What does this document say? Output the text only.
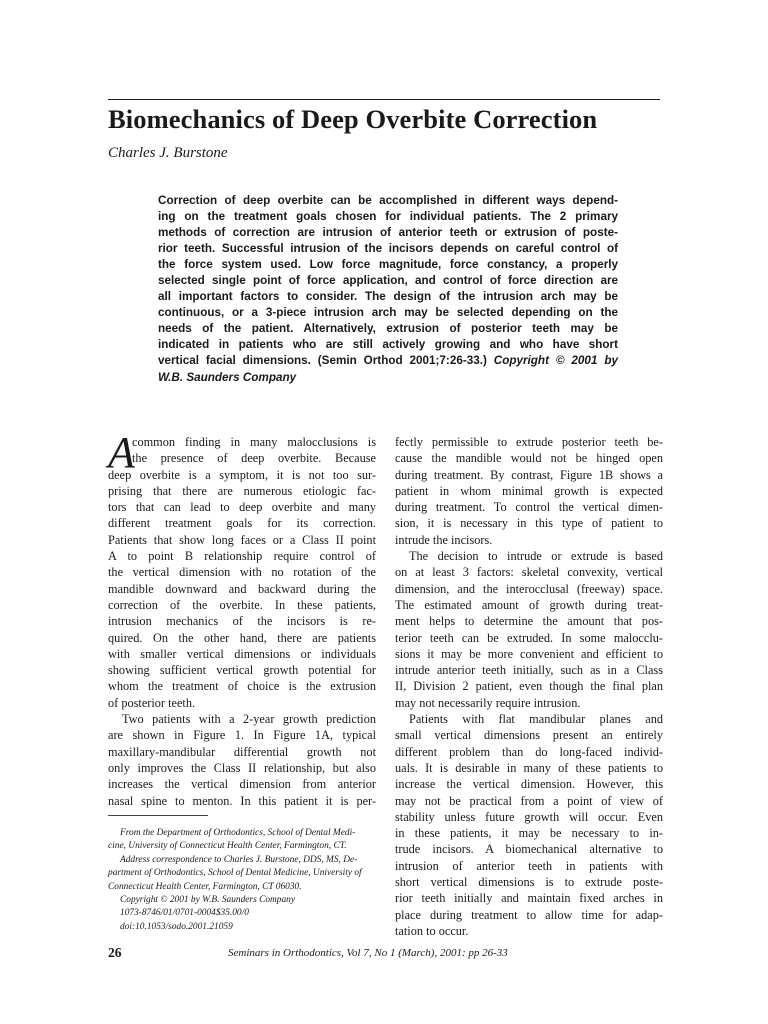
Biomechanics of Deep Overbite Correction
Charles J. Burstone
Correction of deep overbite can be accomplished in different ways depend-
ing on the treatment goals chosen for individual patients. The 2 primary
methods of correction are intrusion of anterior teeth or extrusion of poste-
rior teeth. Successful intrusion of the incisors depends on careful control of
the force system used. Low force magnitude, force constancy, a properly
selected single point of force application, and control of force direction are
all important factors to consider. The design of the intrusion arch may be
continuous, or a 3-piece intrusion arch may be selected depending on the
needs of the patient. Alternatively, extrusion of posterior teeth may be
indicated in patients who are still actively growing and who have short
vertical facial dimensions. (Semin Orthod 2001;7:26-33.) Copyright © 2001 by
W.B. Saunders Company
A
common finding in many malocclusions is
the presence of deep overbite. Because
deep overbite is a symptom, it is not too sur-
prising that there are numerous etiologic fac-
tors that can lead to deep overbite and many
different treatment goals for its correction.
Patients that show long faces or a Class II point
A to point B relationship require control of
the vertical dimension with no rotation of the
mandible downward and backward during the
correction of the overbite. In these patients,
intrusion mechanics of the incisors is re-
quired. On the other hand, there are patients
with smaller vertical dimensions or individuals
showing sufficient vertical growth potential for
whom the treatment of choice is the extrusion
of posterior teeth.
Two patients with a 2-year growth prediction
are shown in Figure 1. In Figure 1A, typical
maxillary-mandibular differential growth not
only improves the Class II relationship, but also
increases the vertical dimension from anterior
nasal spine to menton. In this patient it is per-
fectly permissible to extrude posterior teeth be-
cause the mandible would not be hinged open
during treatment. By contrast, Figure 1B shows a
patient in whom minimal growth is expected
during treatment. To control the vertical dimen-
sion, it is necessary in this type of patient to
intrude the incisors.
The decision to intrude or extrude is based
on at least 3 factors: skeletal convexity, vertical
dimension, and the interocclusal (freeway) space.
The estimated amount of growth during treat-
ment helps to determine the amount that pos-
terior teeth can be extruded. In some malocclu-
sions it may be more convenient and efficient to
intrude anterior teeth initially, such as in a Class
II, Division 2 patient, even though the final plan
may not necessarily require intrusion.
Patients with flat mandibular planes and
small vertical dimensions present an entirely
different problem than do long-faced individ-
uals. It is desirable in many of these patients to
increase the vertical dimension. However, this
may not be practical from a point of view of
stability unless future growth will occur. Even
in these patients, it may be necessary to in-
trude incisors. A biomechanical alternative to
intrusion of anterior teeth in patients with
short vertical dimensions is to extrude poste-
rior teeth initially and maintain fixed arches in
place during treatment to allow time for adap-
tation to occur.
From the Department of Orthodontics, School of Dental Medi-
cine, University of Connecticut Health Center, Farmington, CT.
Address correspondence to Charles J. Burstone, DDS, MS, De-
partment of Orthodontics, School of Dental Medicine, University of
Connecticut Health Center, Farmington, CT 06030.
Copyright © 2001 by W.B. Saunders Company
1073-8746/01/0701-0004$35.00/0
doi:10.1053/sodo.2001.21059
26	Seminars in Orthodontics, Vol 7, No 1 (March), 2001: pp 26-33
